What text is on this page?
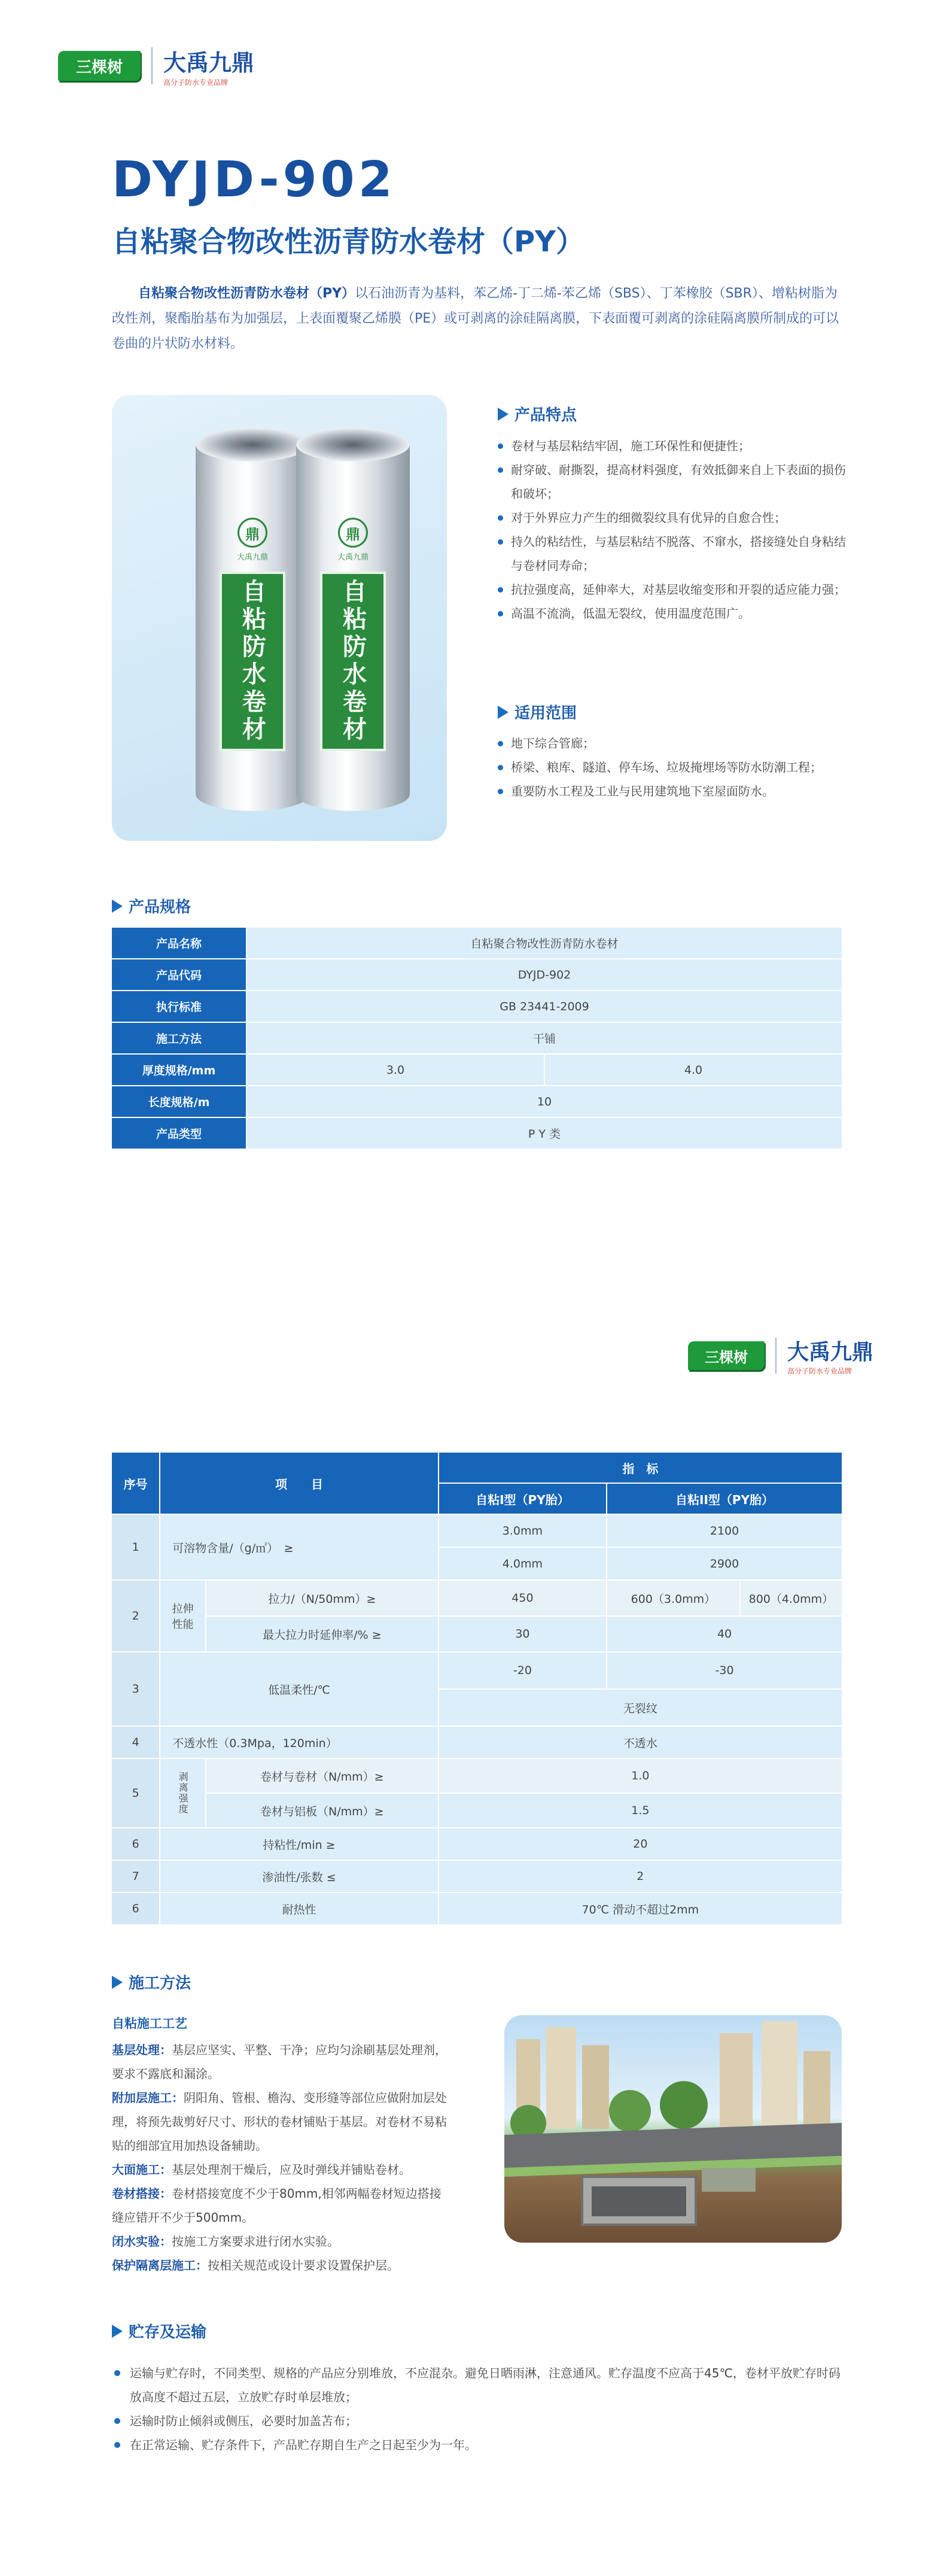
三棵树	大禹九鼎
高分子防水专业品牌
DYJD-902
自粘聚合物改性沥青防水卷材（PY）
自粘聚合物改性沥青防水卷材（PY）以石油沥青为基料，苯乙烯-丁二烯-苯乙烯（SBS）、丁苯橡胶（SBR）、增粘树脂为改性剂，聚酯胎基布为加强层，上表面覆聚乙烯膜（PE）或可剥离的涂硅隔离膜，下表面覆可剥离的涂硅隔离膜所制成的可以卷曲的片状防水材料。
鼎
大禹九鼎
自粘防水卷材
鼎
大禹九鼎
自粘防水卷材
产品特点
卷材与基层粘结牢固，施工环保性和便捷性；
耐穿破、耐撕裂，提高材料强度，有效抵御来自上下表面的损伤和破坏；
对于外界应力产生的细微裂纹具有优异的自愈合性；
持久的粘结性，与基层粘结不脱落、不窜水，搭接缝处自身粘结与卷材同寿命；
抗拉强度高，延伸率大，对基层收缩变形和开裂的适应能力强；
高温不流淌，低温无裂纹，使用温度范围广。
适用范围
地下综合管廊；
桥梁、粮库、隧道、停车场、垃圾掩埋场等防水防潮工程；
重要防水工程及工业与民用建筑地下室屋面防水。
产品规格
产品名称	自粘聚合物改性沥青防水卷材	
产品代码	DYJD-902	
执行标准	GB 23441-2009	
施工方法	干铺	
厚度规格/mm	3.0	4.0
长度规格/m	10	
产品类型	P Y 类	
三棵树	大禹九鼎
高分子防水专业品牌
序号	项　　目		指　标		
			自粘I型（PY胎）	自粘II型（PY胎）	
1	可溶物含量/（g/㎡）　≥		3.0mm	2100	
			4.0mm	2900	
2	拉伸性能	拉力/（N/50mm）≥	450	600（3.0mm）	800（4.0mm）
		最大拉力时延伸率/% ≥	30	40	
3	低温柔性/℃		-20	-30	
			无裂纹		
4	不透水性（0.3Mpa，120min）		不透水		
5	剥离强度	卷材与卷材（N/mm）≥	1.0		
		卷材与铝板（N/mm）≥	1.5		
6	持粘性/min ≥		20		
7	渗油性/张数 ≤		2		
6	耐热性		70℃ 滑动不超过2mm		
施工方法
自粘施工工艺
基层处理：基层应坚实、平整、干净；应均匀涂刷基层处理剂，要求不露底和漏涂。
附加层施工：阴阳角、管根、檐沟、变形缝等部位应做附加层处理，将预先裁剪好尺寸、形状的卷材铺贴于基层。对卷材不易粘贴的细部宜用加热设备辅助。
大面施工：基层处理剂干燥后，应及时弹线并铺贴卷材。
卷材搭接：卷材搭接宽度不少于80mm,相邻两幅卷材短边搭接缝应错开不少于500mm。
闭水实验：按施工方案要求进行闭水实验。
保护隔离层施工：按相关规范或设计要求设置保护层。
贮存及运输
运输与贮存时，不同类型、规格的产品应分别堆放，不应混杂。避免日晒雨淋，注意通风。贮存温度不应高于45℃，卷材平放贮存时码放高度不超过五层，立放贮存时单层堆放；
运输时防止倾斜或侧压，必要时加盖苫布；
在正常运输、贮存条件下，产品贮存期自生产之日起至少为一年。
